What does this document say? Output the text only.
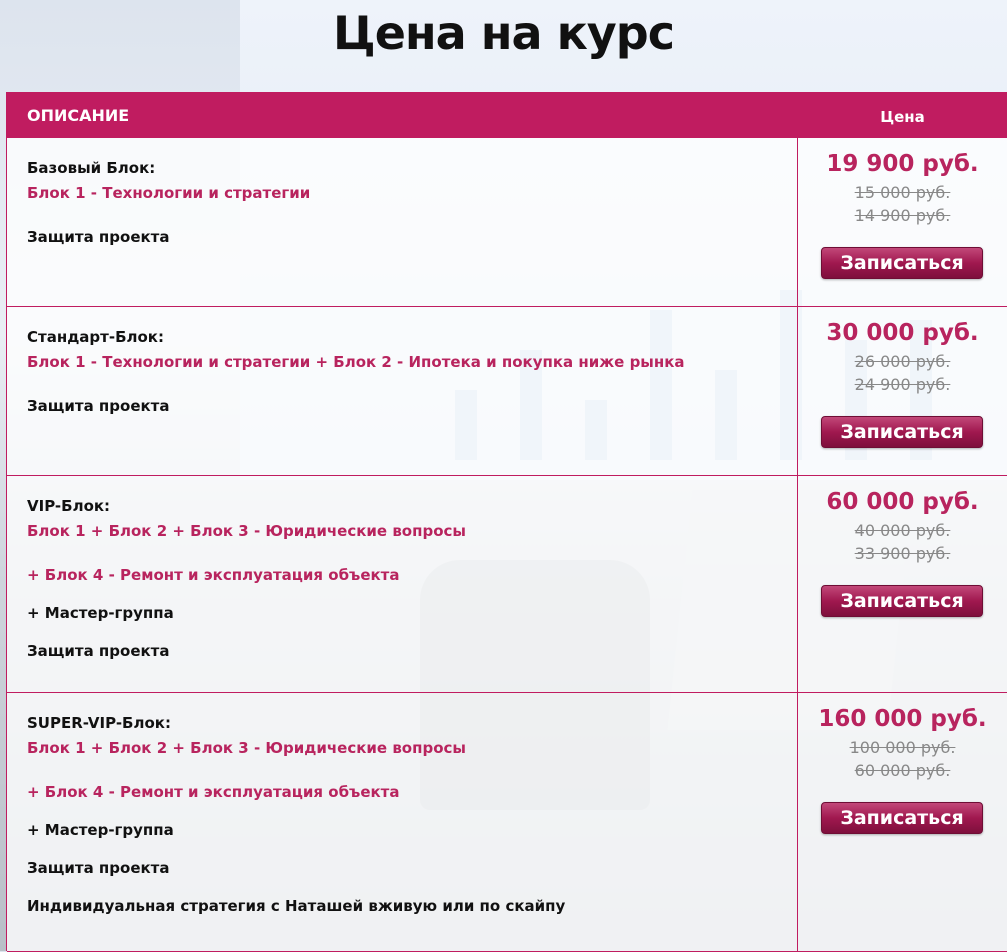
Цена на курс
ОПИСАНИЕ	Цена
Базовый Блок:
Блок 1 - Технологии и стратегии
Защита проекта
19 900 руб.
15 000 руб.
14 900 руб.
Записаться
Стандарт-Блок:
Блок 1 - Технологии и стратегии + Блок 2 - Ипотека и покупка ниже рынка
Защита проекта
30 000 руб.
26 000 руб.
24 900 руб.
Записаться
VIP-Блок:
Блок 1 + Блок 2 + Блок 3 - Юридические вопросы
+ Блок 4 - Ремонт и эксплуатация объекта
+ Мастер-группа
Защита проекта
60 000 руб.
40 000 руб.
33 900 руб.
Записаться
SUPER-VIP-Блок:
Блок 1 + Блок 2 + Блок 3 - Юридические вопросы
+ Блок 4 - Ремонт и эксплуатация объекта
+ Мастер-группа
Защита проекта
Индивидуальная стратегия с Наташей вживую или по скайпу
160 000 руб.
100 000 руб.
60 000 руб.
Записаться
